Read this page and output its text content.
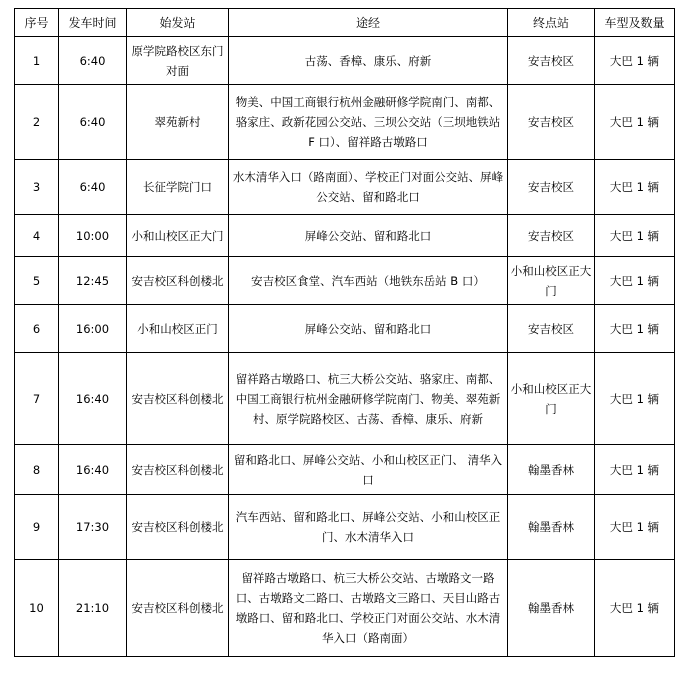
序号	发车时间	始发站	途经	终点站	车型及数量
1	6:40	原学院路校区东门对面	古荡、香樟、康乐、府新	安吉校区	大巴 1 辆
2	6:40	翠苑新村	物美、中国工商银行杭州金融研修学院南门、南都、骆家庄、政新花园公交站、三坝公交站（三坝地铁站 F 口）、留祥路古墩路口	安吉校区	大巴 1 辆
3	6:40	长征学院门口	水木清华入口（路南面）、学校正门对面公交站、屏峰公交站、留和路北口	安吉校区	大巴 1 辆
4	10:00	小和山校区正大门	屏峰公交站、留和路北口	安吉校区	大巴 1 辆
5	12:45	安吉校区科创楼北	安吉校区食堂、汽车西站（地铁东岳站 B 口）	小和山校区正大门	大巴 1 辆
6	16:00	小和山校区正门	屏峰公交站、留和路北口	安吉校区	大巴 1 辆
7	16:40	安吉校区科创楼北	留祥路古墩路口、杭三大桥公交站、骆家庄、南都、中国工商银行杭州金融研修学院南门、物美、翠苑新村、原学院路校区、古荡、香樟、康乐、府新	小和山校区正大门	大巴 1 辆
8	16:40	安吉校区科创楼北	留和路北口、屏峰公交站、小和山校区正门、 清华入口	翰墨香林	大巴 1 辆
9	17:30	安吉校区科创楼北	汽车西站、留和路北口、屏峰公交站、小和山校区正门、水木清华入口	翰墨香林	大巴 1 辆
10	21:10	安吉校区科创楼北	留祥路古墩路口、杭三大桥公交站、古墩路文一路口、古墩路文二路口、古墩路文三路口、天目山路古墩路口、留和路北口、学校正门对面公交站、水木清华入口（路南面）	翰墨香林	大巴 1 辆
